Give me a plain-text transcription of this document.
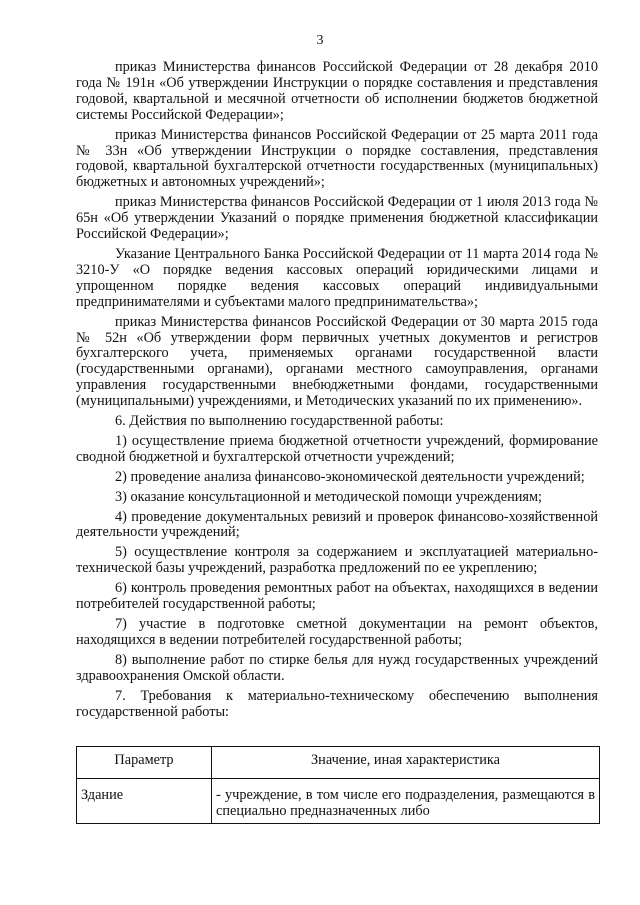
3

приказ Министерства финансов Российской Федерации от 28 декабря 2010 года № 191н «Об утверждении Инструкции о порядке составления и представления годовой, квартальной и месячной отчетности об исполнении бюджетов бюджетной системы Российской Федерации»;

приказ Министерства финансов Российской Федерации от 25 марта 2011 года № 33н «Об утверждении Инструкции о порядке составления, представления годовой, квартальной бухгалтерской отчетности государственных (муниципальных) бюджетных и автономных учреждений»;

приказ Министерства финансов Российской Федерации от 1 июля 2013 года № 65н «Об утверждении Указаний о порядке применения бюджетной классификации Российской Федерации»;

Указание Центрального Банка Российской Федерации от 11 марта 2014 года № 3210-У «О порядке ведения кассовых операций юридическими лицами и упрощенном порядке ведения кассовых операций индивидуальными предпринимателями и субъектами малого предпринимательства»;

приказ Министерства финансов Российской Федерации от 30 марта 2015 года № 52н «Об утверждении форм первичных учетных документов и регистров бухгалтерского учета, применяемых органами государственной власти (государственными органами), органами местного самоуправления, органами управления государственными внебюджетными фондами, государственными (муниципальными) учреждениями, и Методических указаний по их применению».

6. Действия по выполнению государственной работы:

1) осуществление приема бюджетной отчетности учреждений, формирование сводной бюджетной и бухгалтерской отчетности учреждений;

2) проведение анализа финансово-экономической деятельности учреждений;

3) оказание консультационной и методической помощи учреждениям;

4) проведение документальных ревизий и проверок финансово-хозяйственной деятельности учреждений;

5) осуществление контроля за содержанием и эксплуатацией материально-технической базы учреждений, разработка предложений по ее укреплению;

6) контроль проведения ремонтных работ на объектах, находящихся в ведении потребителей государственной работы;

7) участие в подготовке сметной документации на ремонт объектов, находящихся в ведении потребителей государственной работы;

8) выполнение работ по стирке белья для нужд государственных учреждений здравоохранения Омской области.

7. Требования к материально-техническому обеспечению выполнения государственной работы:

Параметр	Значение, иная характеристика
Здание	- учреждение, в том числе его подразделения, размещаются в специально предназначенных либо
